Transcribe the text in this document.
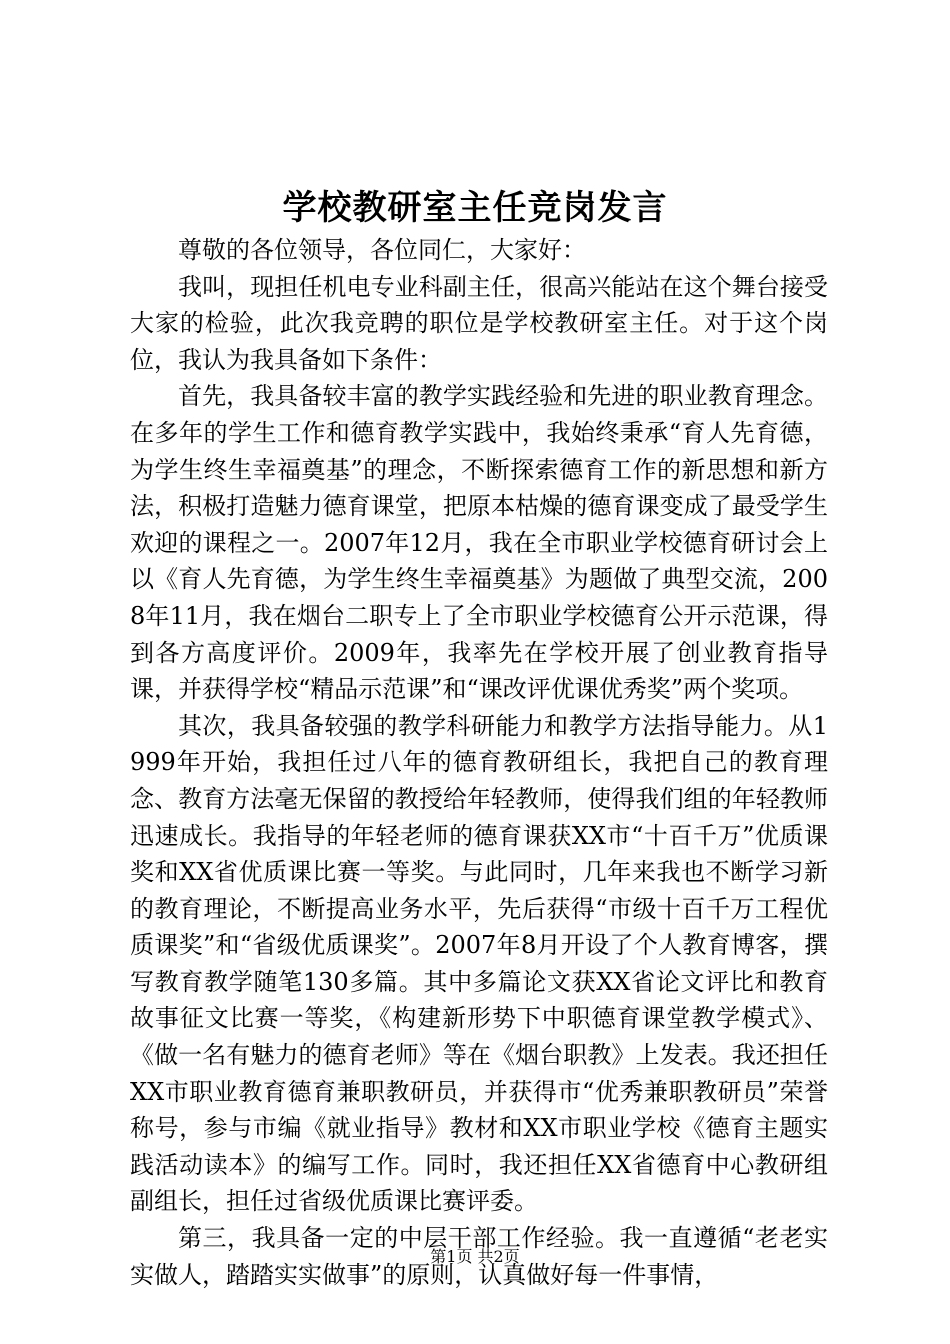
学校教研室主任竞岗发言

尊敬的各位领导，各位同仁，大家好：

我叫，现担任机电专业科副主任，很高兴能站在这个舞台接受大家的检验，此次我竞聘的职位是学校教研室主任。对于这个岗位，我认为我具备如下条件：

首先，我具备较丰富的教学实践经验和先进的职业教育理念。在多年的学生工作和德育教学实践中，我始终秉承“育人先育德，为学生终生幸福奠基”的理念，不断探索德育工作的新思想和新方法，积极打造魅力德育课堂，把原本枯燥的德育课变成了最受学生欢迎的课程之一。2007年12月，我在全市职业学校德育研讨会上以《育人先育德，为学生终生幸福奠基》为题做了典型交流，2008年11月，我在烟台二职专上了全市职业学校德育公开示范课，得到各方高度评价。2009年，我率先在学校开展了创业教育指导课，并获得学校“精品示范课”和“课改评优课优秀奖”两个奖项。

其次，我具备较强的教学科研能力和教学方法指导能力。从1999年开始，我担任过八年的德育教研组长，我把自己的教育理念、教育方法毫无保留的教授给年轻教师，使得我们组的年轻教师迅速成长。我指导的年轻老师的德育课获XX市“十百千万”优质课奖和XX省优质课比赛一等奖。与此同时，几年来我也不断学习新的教育理论，不断提高业务水平，先后获得“市级十百千万工程优质课奖”和“省级优质课奖”。2007年8月开设了个人教育博客，撰写教育教学随笔130多篇。其中多篇论文获XX省论文评比和教育故事征文比赛一等奖，《构建新形势下中职德育课堂教学模式》、《做一名有魅力的德育老师》等在《烟台职教》上发表。我还担任XX市职业教育德育兼职教研员，并获得市“优秀兼职教研员”荣誉称号，参与市编《就业指导》教材和XX市职业学校《德育主题实践活动读本》的编写工作。同时，我还担任XX省德育中心教研组副组长，担任过省级优质课比赛评委。

第三，我具备一定的中层干部工作经验。我一直遵循“老老实实做人，踏踏实实做事”的原则，认真做好每一件事情，

第1页 共2页
